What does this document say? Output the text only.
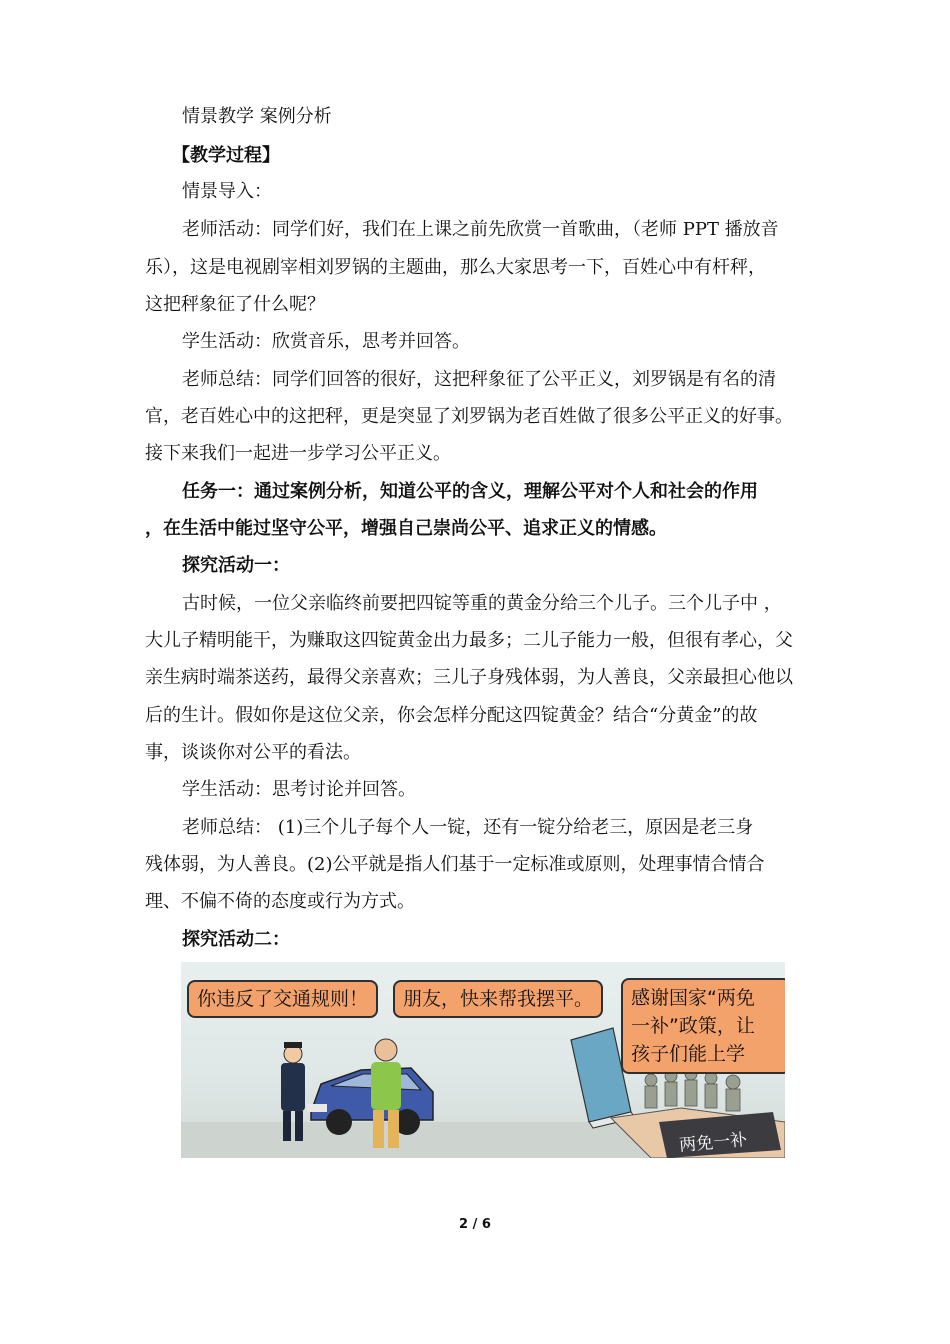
情景教学 案例分析
【教学过程】
情景导入：
老师活动：同学们好，我们在上课之前先欣赏一首歌曲，（老师 PPT 播放音
乐），这是电视剧宰相刘罗锅的主题曲，那么大家思考一下，百姓心中有杆秤，
这把秤象征了什么呢？
学生活动：欣赏音乐，思考并回答。
老师总结：同学们回答的很好，这把秤象征了公平正义，刘罗锅是有名的清
官，老百姓心中的这把秤，更是突显了刘罗锅为老百姓做了很多公平正义的好事。
接下来我们一起进一步学习公平正义。
任务一：通过案例分析，知道公平的含义，理解公平对个人和社会的作用
，在生活中能过坚守公平，增强自己崇尚公平、追求正义的情感。
探究活动一：
古时候，一位父亲临终前要把四锭等重的黄金分给三个儿子。三个儿子中 ，
大儿子精明能干，为赚取这四锭黄金出力最多；二儿子能力一般，但很有孝心，父
亲生病时端茶送药，最得父亲喜欢；三儿子身残体弱，为人善良，父亲最担心他以
后的生计。假如你是这位父亲，你会怎样分配这四锭黄金？结合“分黄金”的故
事，谈谈你对公平的看法。
学生活动：思考讨论并回答。
老师总结： (1)三个儿子每个人一锭，还有一锭分给老三，原因是老三身
残体弱，为人善良。(2)公平就是指人们基于一定标准或原则，处理事情合情合
理、不偏不倚的态度或行为方式。
探究活动二：
你违反了交通规则！	朋友，快来帮我摆平。	感谢国家“两免
一补”政策，让
孩子们能上学
两免一补
2 / 6
